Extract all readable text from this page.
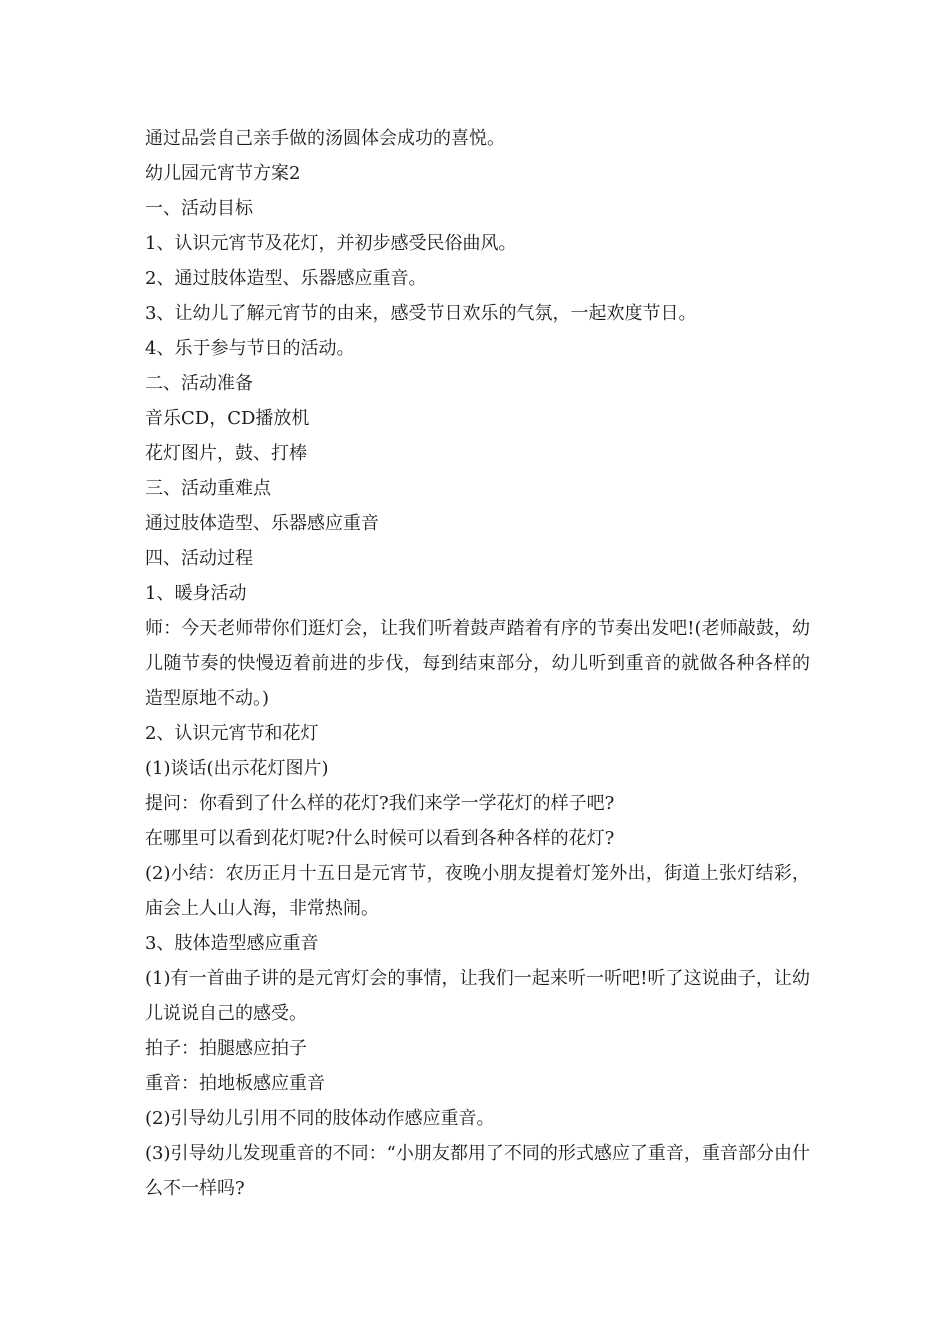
通过品尝自己亲手做的汤圆体会成功的喜悦。

幼儿园元宵节方案2

一、活动目标

1、认识元宵节及花灯，并初步感受民俗曲风。

2、通过肢体造型、乐器感应重音。

3、让幼儿了解元宵节的由来，感受节日欢乐的气氛，一起欢度节日。

4、乐于参与节日的活动。

二、活动准备

音乐CD，CD播放机

花灯图片，鼓、打棒

三、活动重难点

通过肢体造型、乐器感应重音

四、活动过程

1、暖身活动

师：今天老师带你们逛灯会，让我们听着鼓声踏着有序的节奏出发吧!(老师敲鼓，幼儿随节奏的快慢迈着前进的步伐，每到结束部分，幼儿听到重音的就做各种各样的造型原地不动。)

2、认识元宵节和花灯

(1)谈话(出示花灯图片)

提问：你看到了什么样的花灯?我们来学一学花灯的样子吧?

在哪里可以看到花灯呢?什么时候可以看到各种各样的花灯?

(2)小结：农历正月十五日是元宵节，夜晚小朋友提着灯笼外出，街道上张灯结彩，庙会上人山人海，非常热闹。

3、肢体造型感应重音

(1)有一首曲子讲的是元宵灯会的事情，让我们一起来听一听吧!听了这说曲子，让幼儿说说自己的感受。

拍子：拍腿感应拍子

重音：拍地板感应重音

(2)引导幼儿引用不同的肢体动作感应重音。

(3)引导幼儿发现重音的不同：“小朋友都用了不同的形式感应了重音，重音部分由什么不一样吗?
